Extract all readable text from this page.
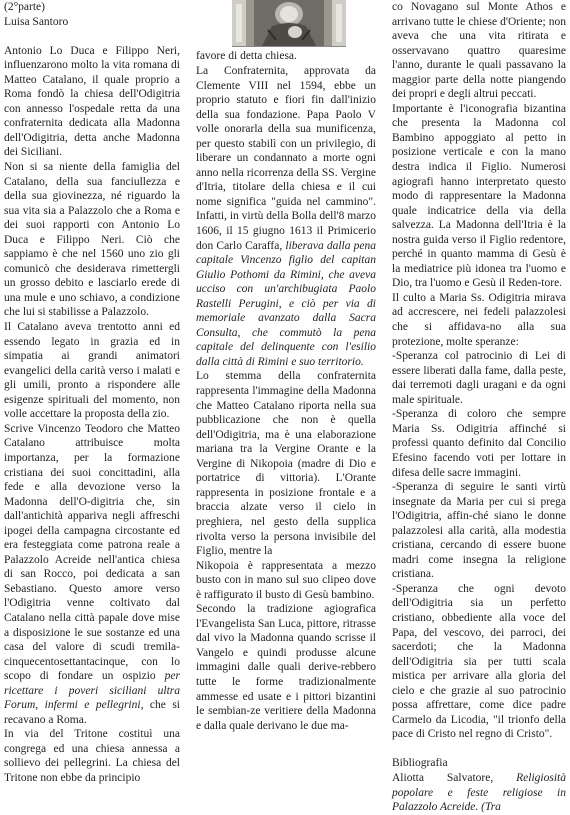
(2°parte)

Luisa Santoro

Antonio Lo Duca e Filippo Neri, influenzarono molto la vita romana di Matteo Catalano, il quale proprio a Roma fondò la chiesa dell'Odigitria con annesso l'ospedale retta da una confraternita dedicata alla Madonna dell'Odigitria, detta anche Madonna dei Siciliani.

Non si sa niente della famiglia del Catalano, della sua fanciullezza e della sua giovinezza, né riguardo la sua vita sia a Palazzolo che a Roma e dei suoi rapporti con Antonio Lo Duca e Filippo Neri. Ciò che sappiamo è che nel 1560 uno zio gli comunicò che desiderava rimettergli un grosso debito e lasciarlo erede di una mule e uno schiavo, a condizione che lui si stabilisse a Palazzolo.

Il Catalano aveva trentotto anni ed essendo legato in grazia ed in simpatia ai grandi animatori evangelici della carità verso i malati e gli umili, pronto a rispondere alle esigenze spirituali del momento, non volle accettare la proposta della zio.

Scrive Vincenzo Teodoro che Matteo Catalano attribuisce molta importanza, per la formazione cristiana dei suoi concittadini, alla fede e alla devozione verso la Madonna dell'O-digitria che, sin dall'antichità appariva negli affreschi ipogei della campagna circostante ed era festeggiata come patrona reale a Palazzolo Acreide nell'antica chiesa di san Rocco, poi dedicata a san Sebastiano. Questo amore verso l'Odigitria venne coltivato dal Catalano nella città papale dove mise a disposizione le sue sostanze ed una casa del valore di scudi tremila-cinquecentosettantacinque, con lo scopo di fondare un ospizio per ricettare i poveri siciliani ultra Forum, infermi e pellegrini, che si recavano a Roma.

In via del Tritone costituì una congrega ed una chiesa annessa a sollievo dei pellegrini. La chiesa del Tritone non ebbe da principio

favore di detta chiesa.

La Confraternita, approvata da Clemente VIII nel 1594, ebbe un proprio statuto e fiori fin dall'inizio della sua fondazione. Papa Paolo V volle onorarla della sua munificenza, per questo stabilì con un privilegio, di liberare un condannato a morte ogni anno nella ricorrenza della SS. Vergine d'Itria, titolare della chiesa e il cui nome significa "guida nel cammino". Infatti, in virtù della Bolla dell'8 marzo 1606, il 15 giugno 1613 il Primicerio don Carlo Caraffa, liberava dalla pena capitale Vincenzo figlio del capitan Giulio Pothomi da Rimini, che aveva ucciso con un'archibugiata Paolo Rastelli Perugini, e ciò per via di memoriale avanzato dalla Sacra Consulta, che commutò la pena capitale del delinquente con l'esilio dalla città di Rimini e suo territorio.

Lo stemma della confraternita rappresenta l'immagine della Madonna che Matteo Catalano riporta nella sua pubblicazione che non è quella dell'Odigitria, ma è una elaborazione mariana tra la Vergine Orante e la Vergine di Nikopoia (madre di Dio e portatrice di vittoria). L'Orante rappresenta in posizione frontale e a braccia alzate verso il cielo in preghiera, nel gesto della supplica rivolta verso la persona invisibile del Figlio, mentre la

Nikopoia è rappresentata a mezzo busto con in mano sul suo clipeo dove è raffigurato il busto di Gesù bambino.

Secondo la tradizione agiografica l'Evangelista San Luca, pittore, ritrasse dal vivo la Madonna quando scrisse il Vangelo e quindi produsse alcune immagini dalle quali derive-rebbero tutte le forme tradizionalmente ammesse ed usate e i pittori bizantini le sembian-ze veritiere della Madonna e dalla quale derivano le due ma-

co Novagano sul Monte Athos e arrivano tutte le chiese d'Oriente; non aveva che una vita ritirata e osservavano quattro quaresime l'anno, durante le quali passavano la maggior parte della notte piangendo dei propri e degli altrui peccati.

Importante è l'iconografia bizantina che presenta la Madonna col Bambino appoggiato al petto in posizione verticale e con la mano destra indica il Figlio. Numerosi agiografi hanno interpretato questo modo di rappresentare la Madonna quale indicatrice della via della salvezza. La Madonna dell'Itria è la nostra guida verso il Figlio redentore, perché in quanto mamma di Gesù è la mediatrice più idonea tra l'uomo e Dio, tra l'uomo e Gesù il Reden-tore.

Il culto a Maria Ss. Odigitria mirava ad accrescere, nei fedeli palazzolesi che si affidava-no alla sua protezione, molte speranze:

-Speranza col patrocinio di Lei di essere liberati dalla fame, dalla peste, dai terremoti dagli uragani e da ogni male spirituale.

-Speranza di coloro che sempre Maria Ss. Odigitria affinché si professi quanto definito dal Concilio Efesino facendo voti per lottare in difesa delle sacre immagini.

-Speranza di seguire le santi virtù insegnate da Maria per cui si prega l'Odigitria, affin-ché siano le donne palazzolesi alla carità, alla modestia cristiana, cercando di essere buone madri come insegna la religione cristiana.

-Speranza che ogni devoto dell'Odigitria sia un perfetto cristiano, obbediente alla voce del Papa, del vescovo, dei parroci, dei sacerdoti; che la Madonna dell'Odigitria sia per tutti scala mistica per arrivare alla gloria del cielo e che grazie al suo patrocinio possa affrettare, come dice padre Carmelo da Licodia, "il trionfo della pace di Cristo nel regno di Cristo".

Bibliografia

Aliotta Salvatore, Religiosità popolare e feste religiose in Palazzolo Acreide. (Tra
